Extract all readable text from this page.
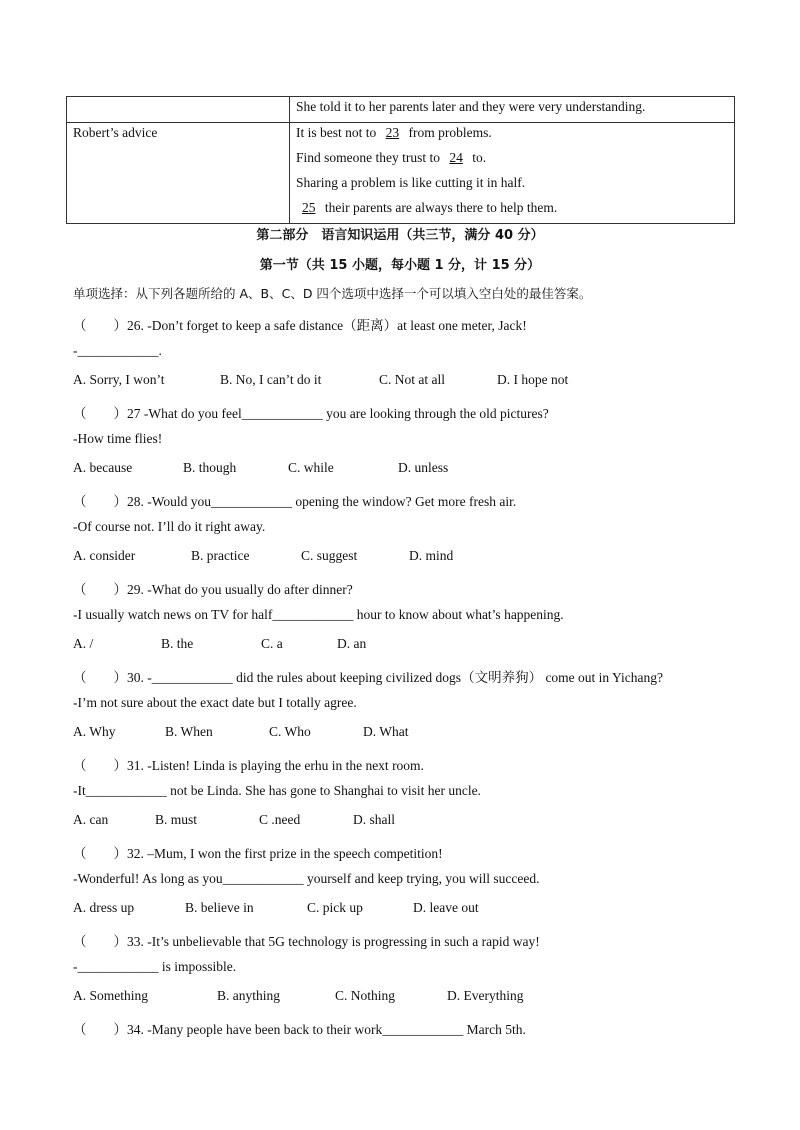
	She told it to her parents later and they were very understanding.

Robert’s advice	It is best not to 23 from problems.
Find someone they trust to 24 to.
Sharing a problem is like cutting it in half.
25 their parents are always there to help them.
第二部分　语言知识运用（共三节，满分 40 分）
第一节（共 15 小题，每小题 1 分，计 15 分）
单项选择：从下列各题所给的 A、B、C、D 四个选项中选择一个可以填入空白处的最佳答案。
（　　）26. -Don’t forget to keep a safe distance（距离）at least one meter, Jack!
-____________.
A. Sorry, I won’t	B. No, I can’t do it	C. Not at all	D. I hope not
（　　）27 -What do you feel____________ you are looking through the old pictures?
-How time flies!
A. because	B. though	C. while	D. unless
（　　）28. -Would you____________ opening the window? Get more fresh air.
-Of course not. I’ll do it right away.
A. consider	B. practice	C. suggest	D. mind
（　　）29. -What do you usually do after dinner?
-I usually watch news on TV for half____________ hour to know about what’s happening.
A. /	B. the	C. a	D. an
（　　）30. -____________ did the rules about keeping civilized dogs（文明养狗） come out in Yichang?
-I’m not sure about the exact date but I totally agree.
A. Why	B. When	C. Who	D. What
（　　）31. -Listen! Linda is playing the erhu in the next room.
-It____________ not be Linda. She has gone to Shanghai to visit her uncle.
A. can	B. must	C .need	D. shall
（　　）32. –Mum, I won the first prize in the speech competition!
-Wonderful! As long as you____________ yourself and keep trying, you will succeed.
A. dress up	B. believe in	C. pick up	D. leave out
（　　）33. -It’s unbelievable that 5G technology is progressing in such a rapid way!
-____________ is impossible.
A. Something	B. anything	C. Nothing	D. Everything
（　　）34. -Many people have been back to their work____________ March 5th.
